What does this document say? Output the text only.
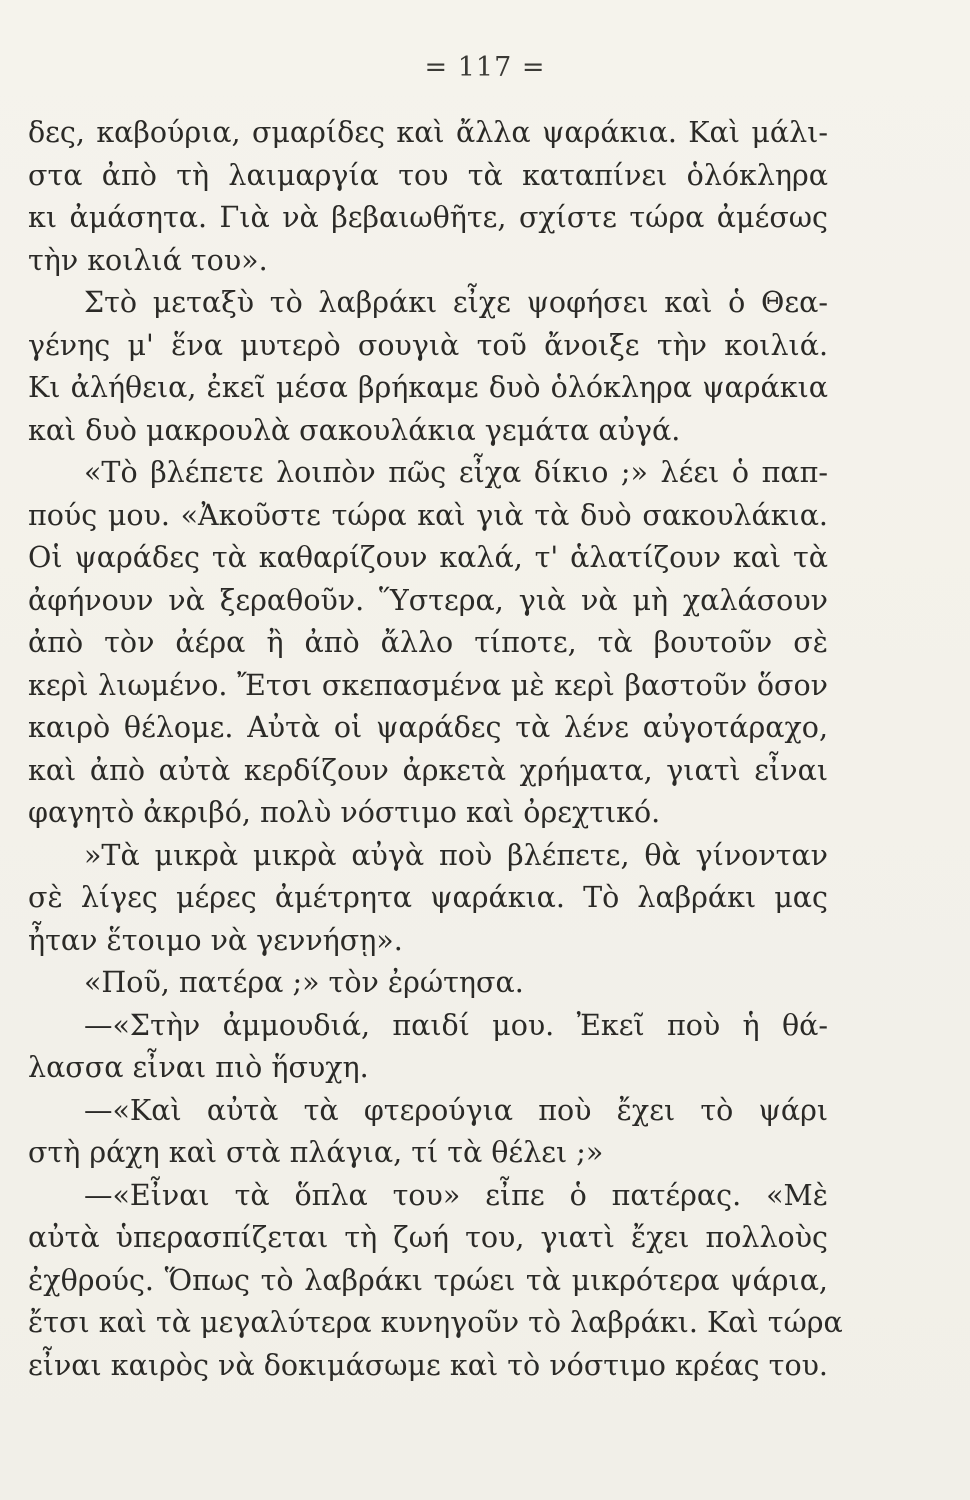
= 117 =
δες, καβούρια, σμαρίδες καὶ ἄλλα ψαράκια. Καὶ μάλι-
στα ἀπὸ τὴ λαιμαργία του τὰ καταπίνει ὁλόκληρα
κι ἀμάσητα. Γιὰ νὰ βεβαιωθῆτε, σχίστε τώρα ἀμέσως
τὴν κοιλιά του».
Στὸ μεταξὺ τὸ λαβράκι εἶχε ψοφήσει καὶ ὁ Θεα-
γένης μ' ἕνα μυτερὸ σουγιὰ τοῦ ἄνοιξε τὴν κοιλιά.
Κι ἀλήθεια, ἐκεῖ μέσα βρήκαμε δυὸ ὁλόκληρα ψαράκια
καὶ δυὸ μακρουλὰ σακουλάκια γεμάτα αὐγά.
«Τὸ βλέπετε λοιπὸν πῶς εἶχα δίκιο ;» λέει ὁ παπ-
πούς μου. «Ἀκοῦστε τώρα καὶ γιὰ τὰ δυὸ σακουλάκια.
Οἱ ψαράδες τὰ καθαρίζουν καλά, τ' ἁλατίζουν καὶ τὰ
ἀφήνουν νὰ ξεραθοῦν. Ὕστερα, γιὰ νὰ μὴ χαλάσουν
ἀπὸ τὸν ἀέρα ἢ ἀπὸ ἄλλο τίποτε, τὰ βουτοῦν σὲ
κερὶ λιωμένο. Ἔτσι σκεπασμένα μὲ κερὶ βαστοῦν ὅσον
καιρὸ θέλομε. Αὐτὰ οἱ ψαράδες τὰ λένε αὐγοτάραχο,
καὶ ἀπὸ αὐτὰ κερδίζουν ἀρκετὰ χρήματα, γιατὶ εἶναι
φαγητὸ ἀκριβό, πολὺ νόστιμο καὶ ὀρεχτικό.
»Τὰ μικρὰ μικρὰ αὐγὰ ποὺ βλέπετε, θὰ γίνονταν
σὲ λίγες μέρες ἀμέτρητα ψαράκια. Τὸ λαβράκι μας
ἦταν ἕτοιμο νὰ γεννήσῃ».
«Ποῦ, πατέρα ;» τὸν ἐρώτησα.
—«Στὴν ἀμμουδιά, παιδί μου. Ἐκεῖ ποὺ ἡ θά-
λασσα εἶναι πιὸ ἥσυχη.
—«Καὶ αὐτὰ τὰ φτερούγια ποὺ ἔχει τὸ ψάρι
στὴ ράχη καὶ στὰ πλάγια, τί τὰ θέλει ;»
—«Εἶναι τὰ ὅπλα του» εἶπε ὁ πατέρας. «Μὲ
αὐτὰ ὑπερασπίζεται τὴ ζωή του, γιατὶ ἔχει πολλοὺς
ἐχθρούς. Ὅπως τὸ λαβράκι τρώει τὰ μικρότερα ψάρια,
ἔτσι καὶ τὰ μεγαλύτερα κυνηγοῦν τὸ λαβράκι. Καὶ τώρα
εἶναι καιρὸς νὰ δοκιμάσωμε καὶ τὸ νόστιμο κρέας του.
